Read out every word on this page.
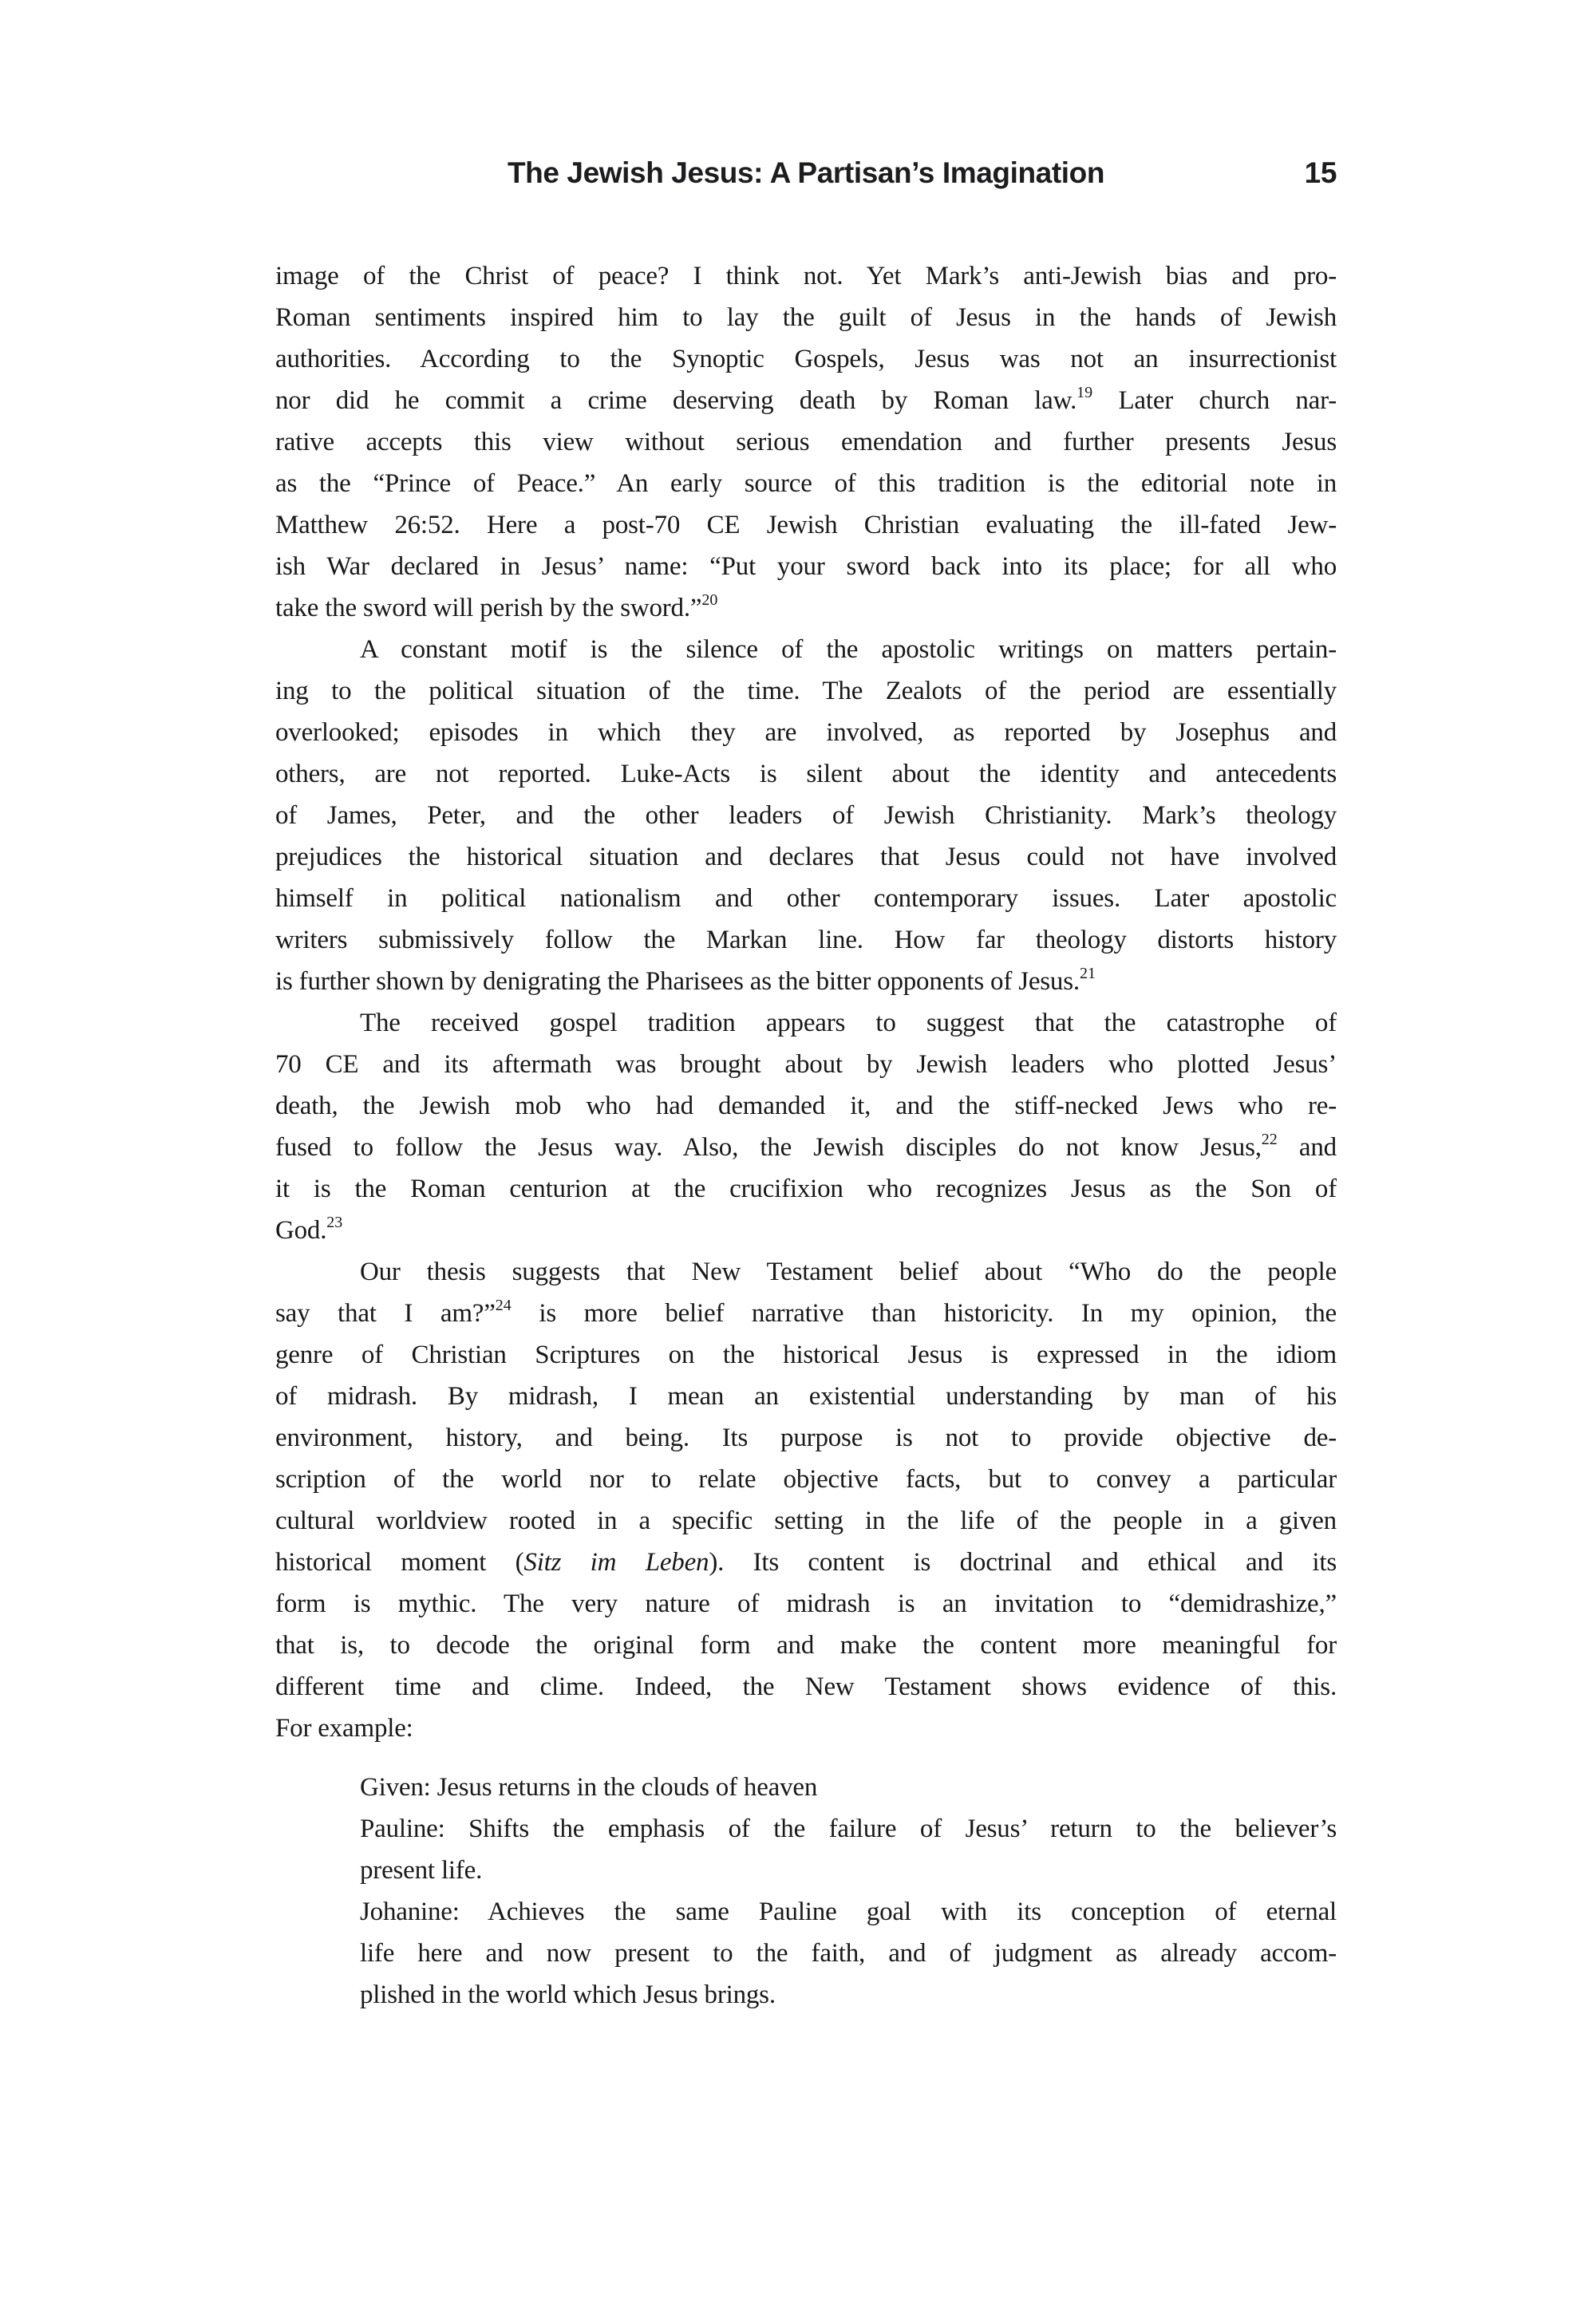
The Jewish Jesus: A Partisan’s Imagination	15
image of the Christ of peace? I think not. Yet Mark’s anti-Jewish bias and pro-
Roman sentiments inspired him to lay the guilt of Jesus in the hands of Jewish
authorities. According to the Synoptic Gospels, Jesus was not an insurrectionist
nor did he commit a crime deserving death by Roman law.$^{19}$ Later church nar-
rative accepts this view without serious emendation and further presents Jesus
as the “Prince of Peace.” An early source of this tradition is the editorial note in
Matthew 26:52. Here a post-70 CE Jewish Christian evaluating the ill-fated Jew-
ish War declared in Jesus’ name: “Put your sword back into its place; for all who
take the sword will perish by the sword.”$^{20}$
A constant motif is the silence of the apostolic writings on matters pertain-
ing to the political situation of the time. The Zealots of the period are essentially
overlooked; episodes in which they are involved, as reported by Josephus and
others, are not reported. Luke-Acts is silent about the identity and antecedents
of James, Peter, and the other leaders of Jewish Christianity. Mark’s theology
prejudices the historical situation and declares that Jesus could not have involved
himself in political nationalism and other contemporary issues. Later apostolic
writers submissively follow the Markan line. How far theology distorts history
is further shown by denigrating the Pharisees as the bitter opponents of Jesus.$^{21}$
The received gospel tradition appears to suggest that the catastrophe of
70 CE and its aftermath was brought about by Jewish leaders who plotted Jesus’
death, the Jewish mob who had demanded it, and the stiff-necked Jews who re-
fused to follow the Jesus way. Also, the Jewish disciples do not know Jesus,$^{22}$ and
it is the Roman centurion at the crucifixion who recognizes Jesus as the Son of
God.$^{23}$
Our thesis suggests that New Testament belief about “Who do the people
say that I am?”$^{24}$ is more belief narrative than historicity. In my opinion, the
genre of Christian Scriptures on the historical Jesus is expressed in the idiom
of midrash. By midrash, I mean an existential understanding by man of his
environment, history, and being. Its purpose is not to provide objective de-
scription of the world nor to relate objective facts, but to convey a particular
cultural worldview rooted in a specific setting in the life of the people in a given
historical moment (Sitz im Leben). Its content is doctrinal and ethical and its
form is mythic. The very nature of midrash is an invitation to “demidrashize,”
that is, to decode the original form and make the content more meaningful for
different time and clime. Indeed, the New Testament shows evidence of this.
For example:
Given: Jesus returns in the clouds of heaven
Pauline: Shifts the emphasis of the failure of Jesus’ return to the believer’s
present life.
Johanine: Achieves the same Pauline goal with its conception of eternal
life here and now present to the faith, and of judgment as already accom-
plished in the world which Jesus brings.
